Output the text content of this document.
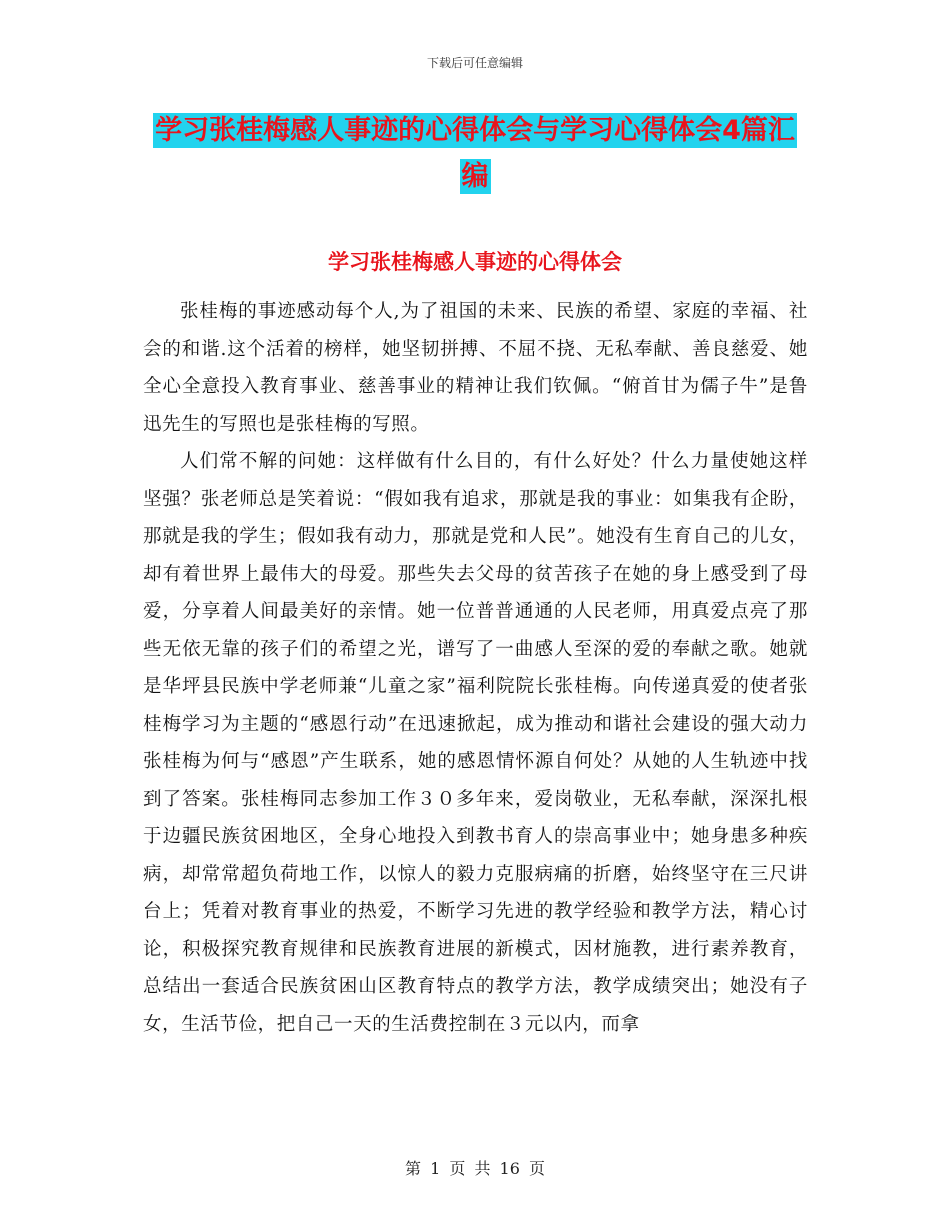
下载后可任意编辑
学习张桂梅感人事迹的心得体会与学习心得体会4篇汇编
学习张桂梅感人事迹的心得体会

张桂梅的事迹感动每个人,为了祖国的未来、民族的希望、家庭的幸福、社会的和谐.这个活着的榜样，她坚韧拼搏、不屈不挠、无私奉献、善良慈爱、她全心全意投入教育事业、慈善事业的精神让我们钦佩。“俯首甘为儒子牛”是鲁迅先生的写照也是张桂梅的写照。

人们常不解的问她：这样做有什么目的，有什么好处？什么力量使她这样坚强？张老师总是笑着说：“假如我有追求，那就是我的事业：如集我有企盼，那就是我的学生；假如我有动力，那就是党和人民”。她没有生育自己的儿女，却有着世界上最伟大的母爱。那些失去父母的贫苦孩子在她的身上感受到了母爱，分享着人间最美好的亲情。她一位普普通通的人民老师，用真爱点亮了那些无依无靠的孩子们的希望之光，谱写了一曲感人至深的爱的奉献之歌。她就是华坪县民族中学老师兼“儿童之家”福利院院长张桂梅。向传递真爱的使者张桂梅学习为主题的“感恩行动”在迅速掀起，成为推动和谐社会建设的强大动力张桂梅为何与“感恩”产生联系，她的感恩情怀源自何处？从她的人生轨迹中找到了答案。张桂梅同志参加工作３０多年来，爱岗敬业，无私奉献，深深扎根于边疆民族贫困地区，全身心地投入到教书育人的崇高事业中；她身患多种疾病，却常常超负荷地工作，以惊人的毅力克服病痛的折磨，始终坚守在三尺讲台上；凭着对教育事业的热爱，不断学习先进的教学经验和教学方法，精心讨论，积极探究教育规律和民族教育进展的新模式，因材施教，进行素养教育，总结出一套适合民族贫困山区教育特点的教学方法，教学成绩突出；她没有子女，生活节俭，把自己一天的生活费控制在３元以内，而拿

第 1 页 共 16 页
